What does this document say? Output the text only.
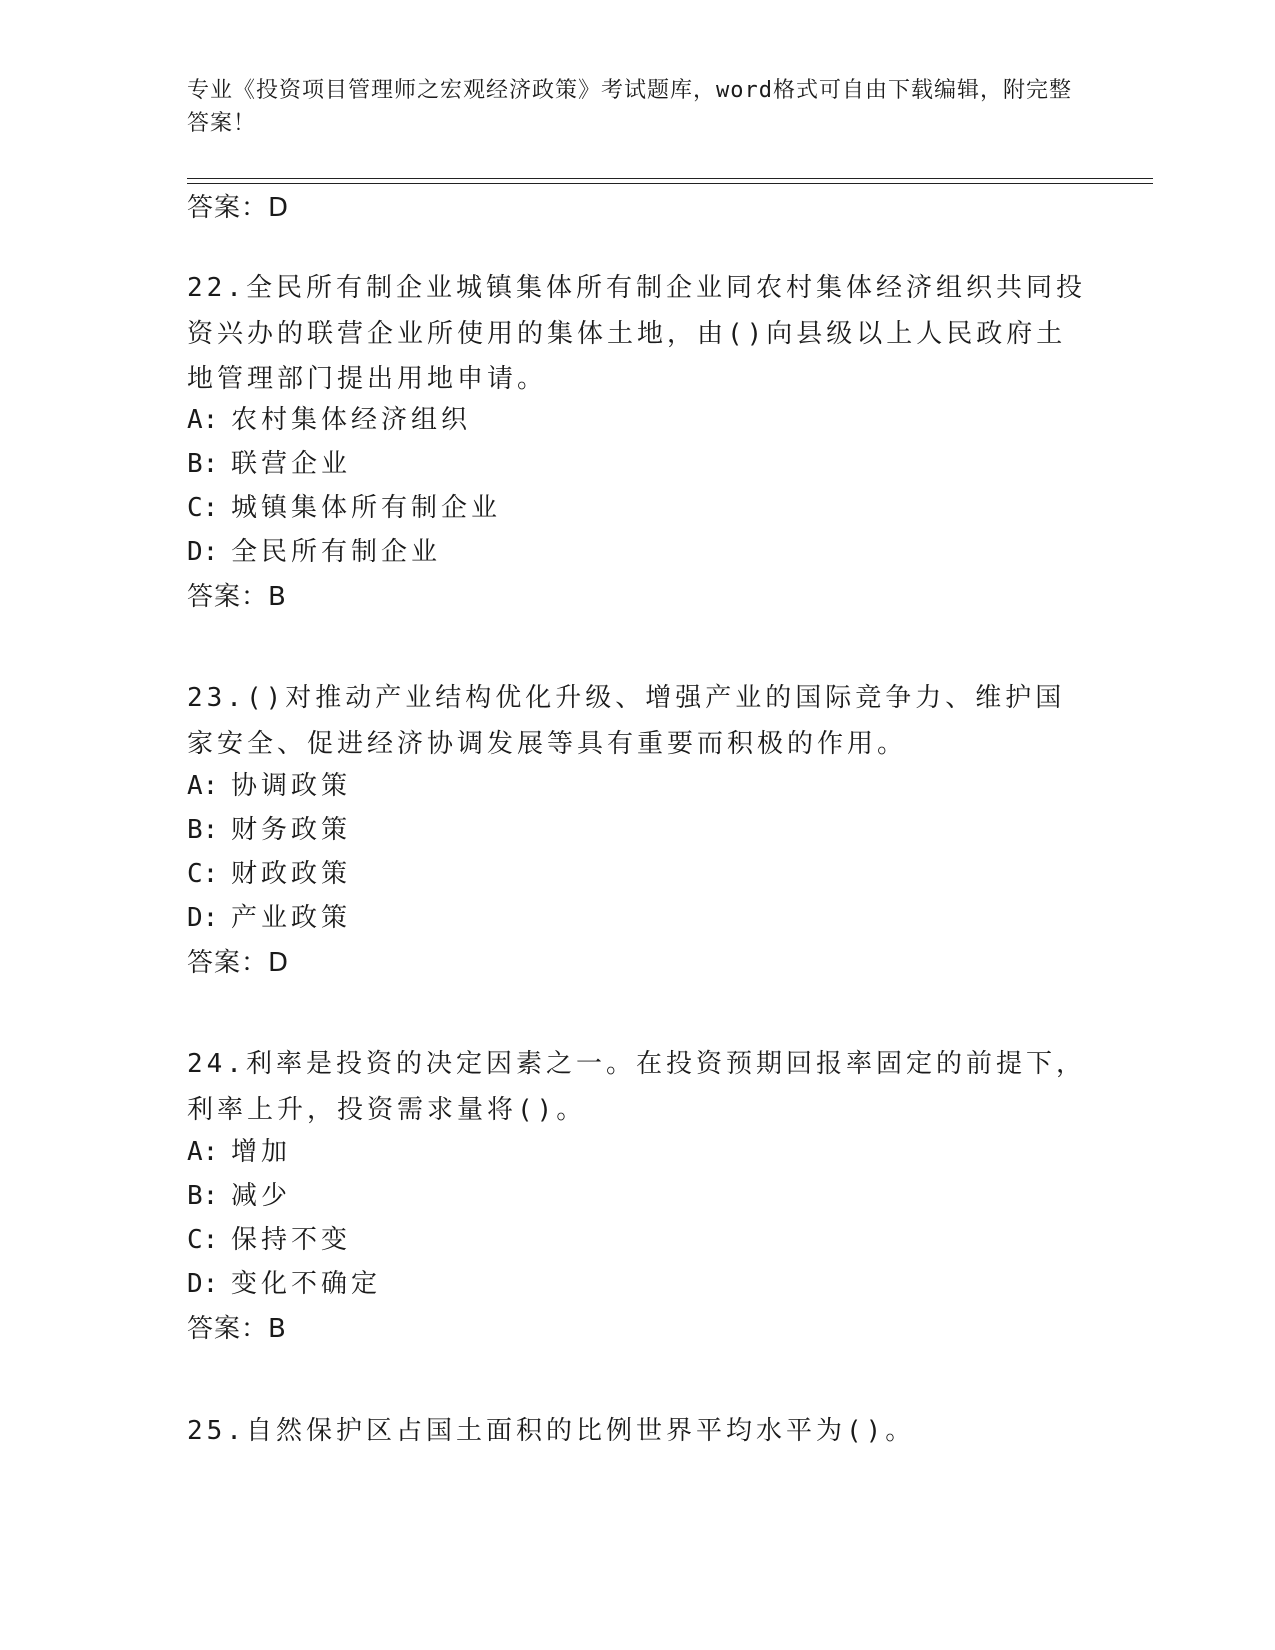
专业《投资项目管理师之宏观经济政策》考试题库，word格式可自由下载编辑，附完整答案！
答案：D
22.全民所有制企业城镇集体所有制企业同农村集体经济组织共同投资兴办的联营企业所使用的集体土地，由()向县级以上人民政府土地管理部门提出用地申请。
A: 农村集体经济组织
B: 联营企业
C: 城镇集体所有制企业
D: 全民所有制企业
答案：B
23.()对推动产业结构优化升级、增强产业的国际竞争力、维护国家安全、促进经济协调发展等具有重要而积极的作用。
A: 协调政策
B: 财务政策
C: 财政政策
D: 产业政策
答案：D
24.利率是投资的决定因素之一。在投资预期回报率固定的前提下，利率上升，投资需求量将()。
A: 增加
B: 减少
C: 保持不变
D: 变化不确定
答案：B
25.自然保护区占国土面积的比例世界平均水平为()。
